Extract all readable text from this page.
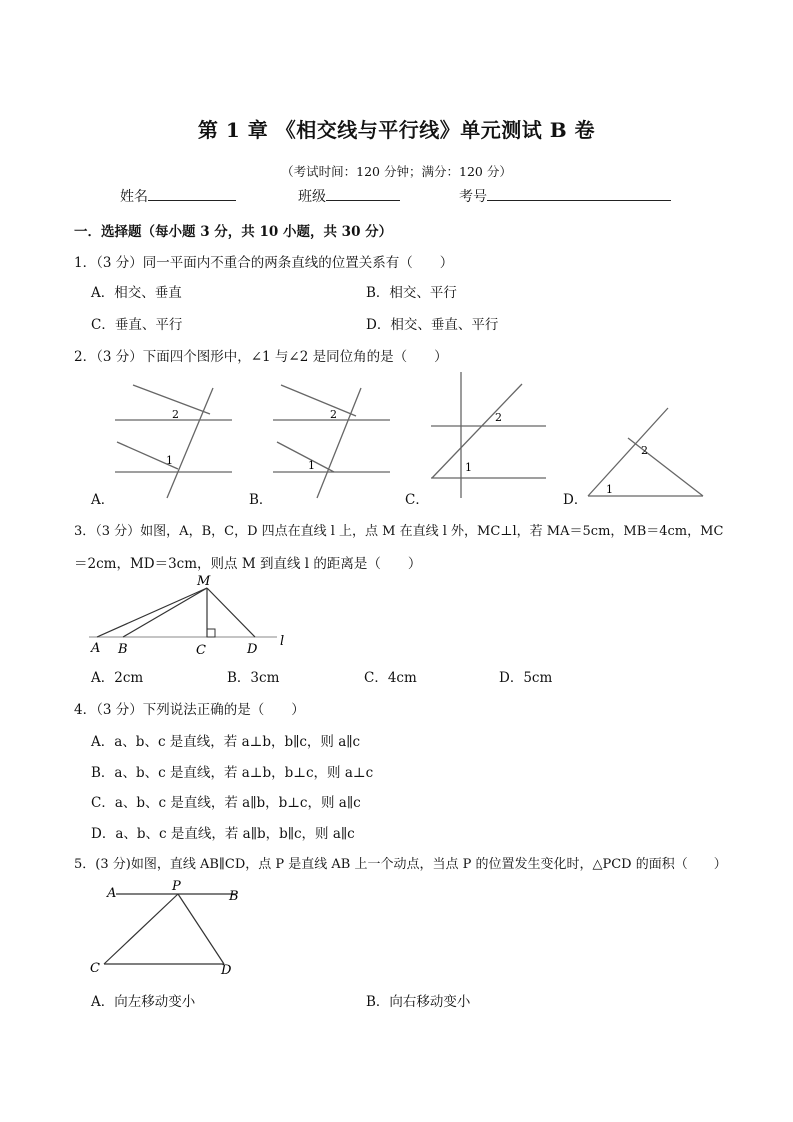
第 1 章 《相交线与平行线》单元测试 B 卷
（考试时间：120 分钟；满分：120 分）
姓名	班级	考号
一．选择题（每小题 3 分，共 10 小题，共 30 分）
1．（3 分）同一平面内不重合的两条直线的位置关系有（　　）
A．相交、垂直	B．相交、平行
C．垂直、平行	D．相交、垂直、平行
2．（3 分）下面四个图形中，∠1 与∠2 是同位角的是（　　）
2
1
2
1
2
1
2
1
A．	B．	C．	D．
3．（3 分）如图，A，B，C，D 四点在直线 l 上，点 M 在直线 l 外，MC⊥l，若 MA＝5cm，MB＝4cm，MC
＝2cm，MD＝3cm，则点 M 到直线 l 的距离是（　　）
M
A B	C	D
l
A．2cm	B．3cm	C．4cm	D．5cm
4．（3 分）下列说法正确的是（　　）
A．a、b、c 是直线，若 a⊥b，b∥c，则 a∥c
B．a、b、c 是直线，若 a⊥b，b⊥c，则 a⊥c
C．a、b、c 是直线，若 a∥b，b⊥c，则 a∥c
D．a、b、c 是直线，若 a∥b，b∥c，则 a∥c
5．(3 分)如图，直线 AB∥CD，点 P 是直线 AB 上一个动点，当点 P 的位置发生变化时，△PCD 的面积（　　）
A	P
B
C	D
A．向左移动变小	B．向右移动变小
